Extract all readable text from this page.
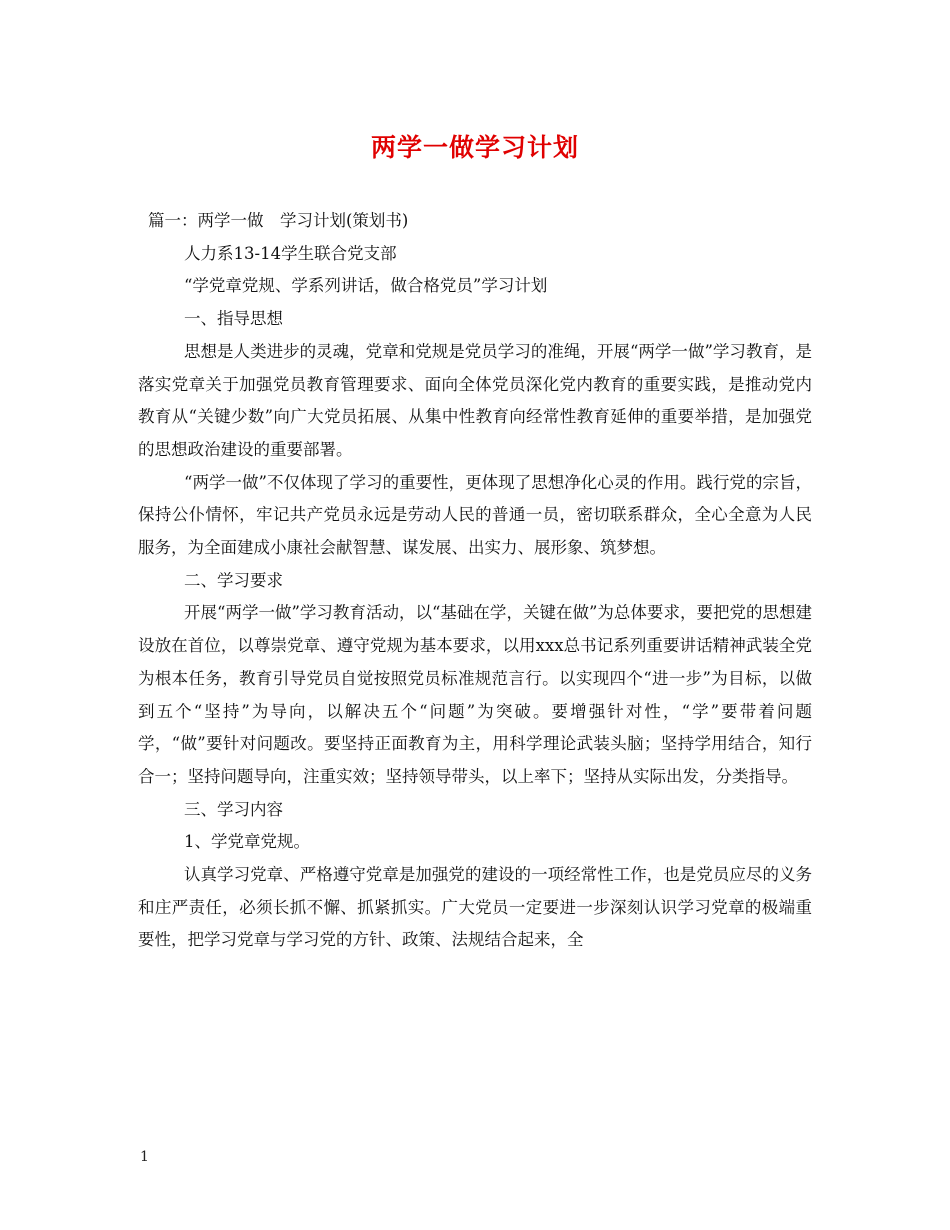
两学一做学习计划
篇一：两学一做　学习计划(策划书)
人力系13-14学生联合党支部
“学党章党规、学系列讲话，做合格党员”学习计划
一、指导思想
思想是人类进步的灵魂，党章和党规是党员学习的准绳，开展“两学一做”学习教育，是落实党章关于加强党员教育管理要求、面向全体党员深化党内教育的重要实践，是推动党内教育从“关键少数”向广大党员拓展、从集中性教育向经常性教育延伸的重要举措，是加强党的思想政治建设的重要部署。
“两学一做”不仅体现了学习的重要性，更体现了思想净化心灵的作用。践行党的宗旨，保持公仆情怀，牢记共产党员永远是劳动人民的普通一员，密切联系群众，全心全意为人民服务，为全面建成小康社会献智慧、谋发展、出实力、展形象、筑梦想。
二、学习要求
开展“两学一做”学习教育活动，以“基础在学，关键在做”为总体要求，要把党的思想建设放在首位，以尊崇党章、遵守党规为基本要求，以用xxx总书记系列重要讲话精神武装全党为根本任务，教育引导党员自觉按照党员标准规范言行。以实现四个“进一步”为目标，以做到五个“坚持”为导向，以解决五个“问题”为突破。要增强针对性，“学”要带着问题学，“做”要针对问题改。要坚持正面教育为主，用科学理论武装头脑；坚持学用结合，知行合一；坚持问题导向，注重实效；坚持领导带头，以上率下；坚持从实际出发，分类指导。
三、学习内容
1、学党章党规。
认真学习党章、严格遵守党章是加强党的建设的一项经常性工作，也是党员应尽的义务和庄严责任，必须长抓不懈、抓紧抓实。广大党员一定要进一步深刻认识学习党章的极端重要性，把学习党章与学习党的方针、政策、法规结合起来，全
1
